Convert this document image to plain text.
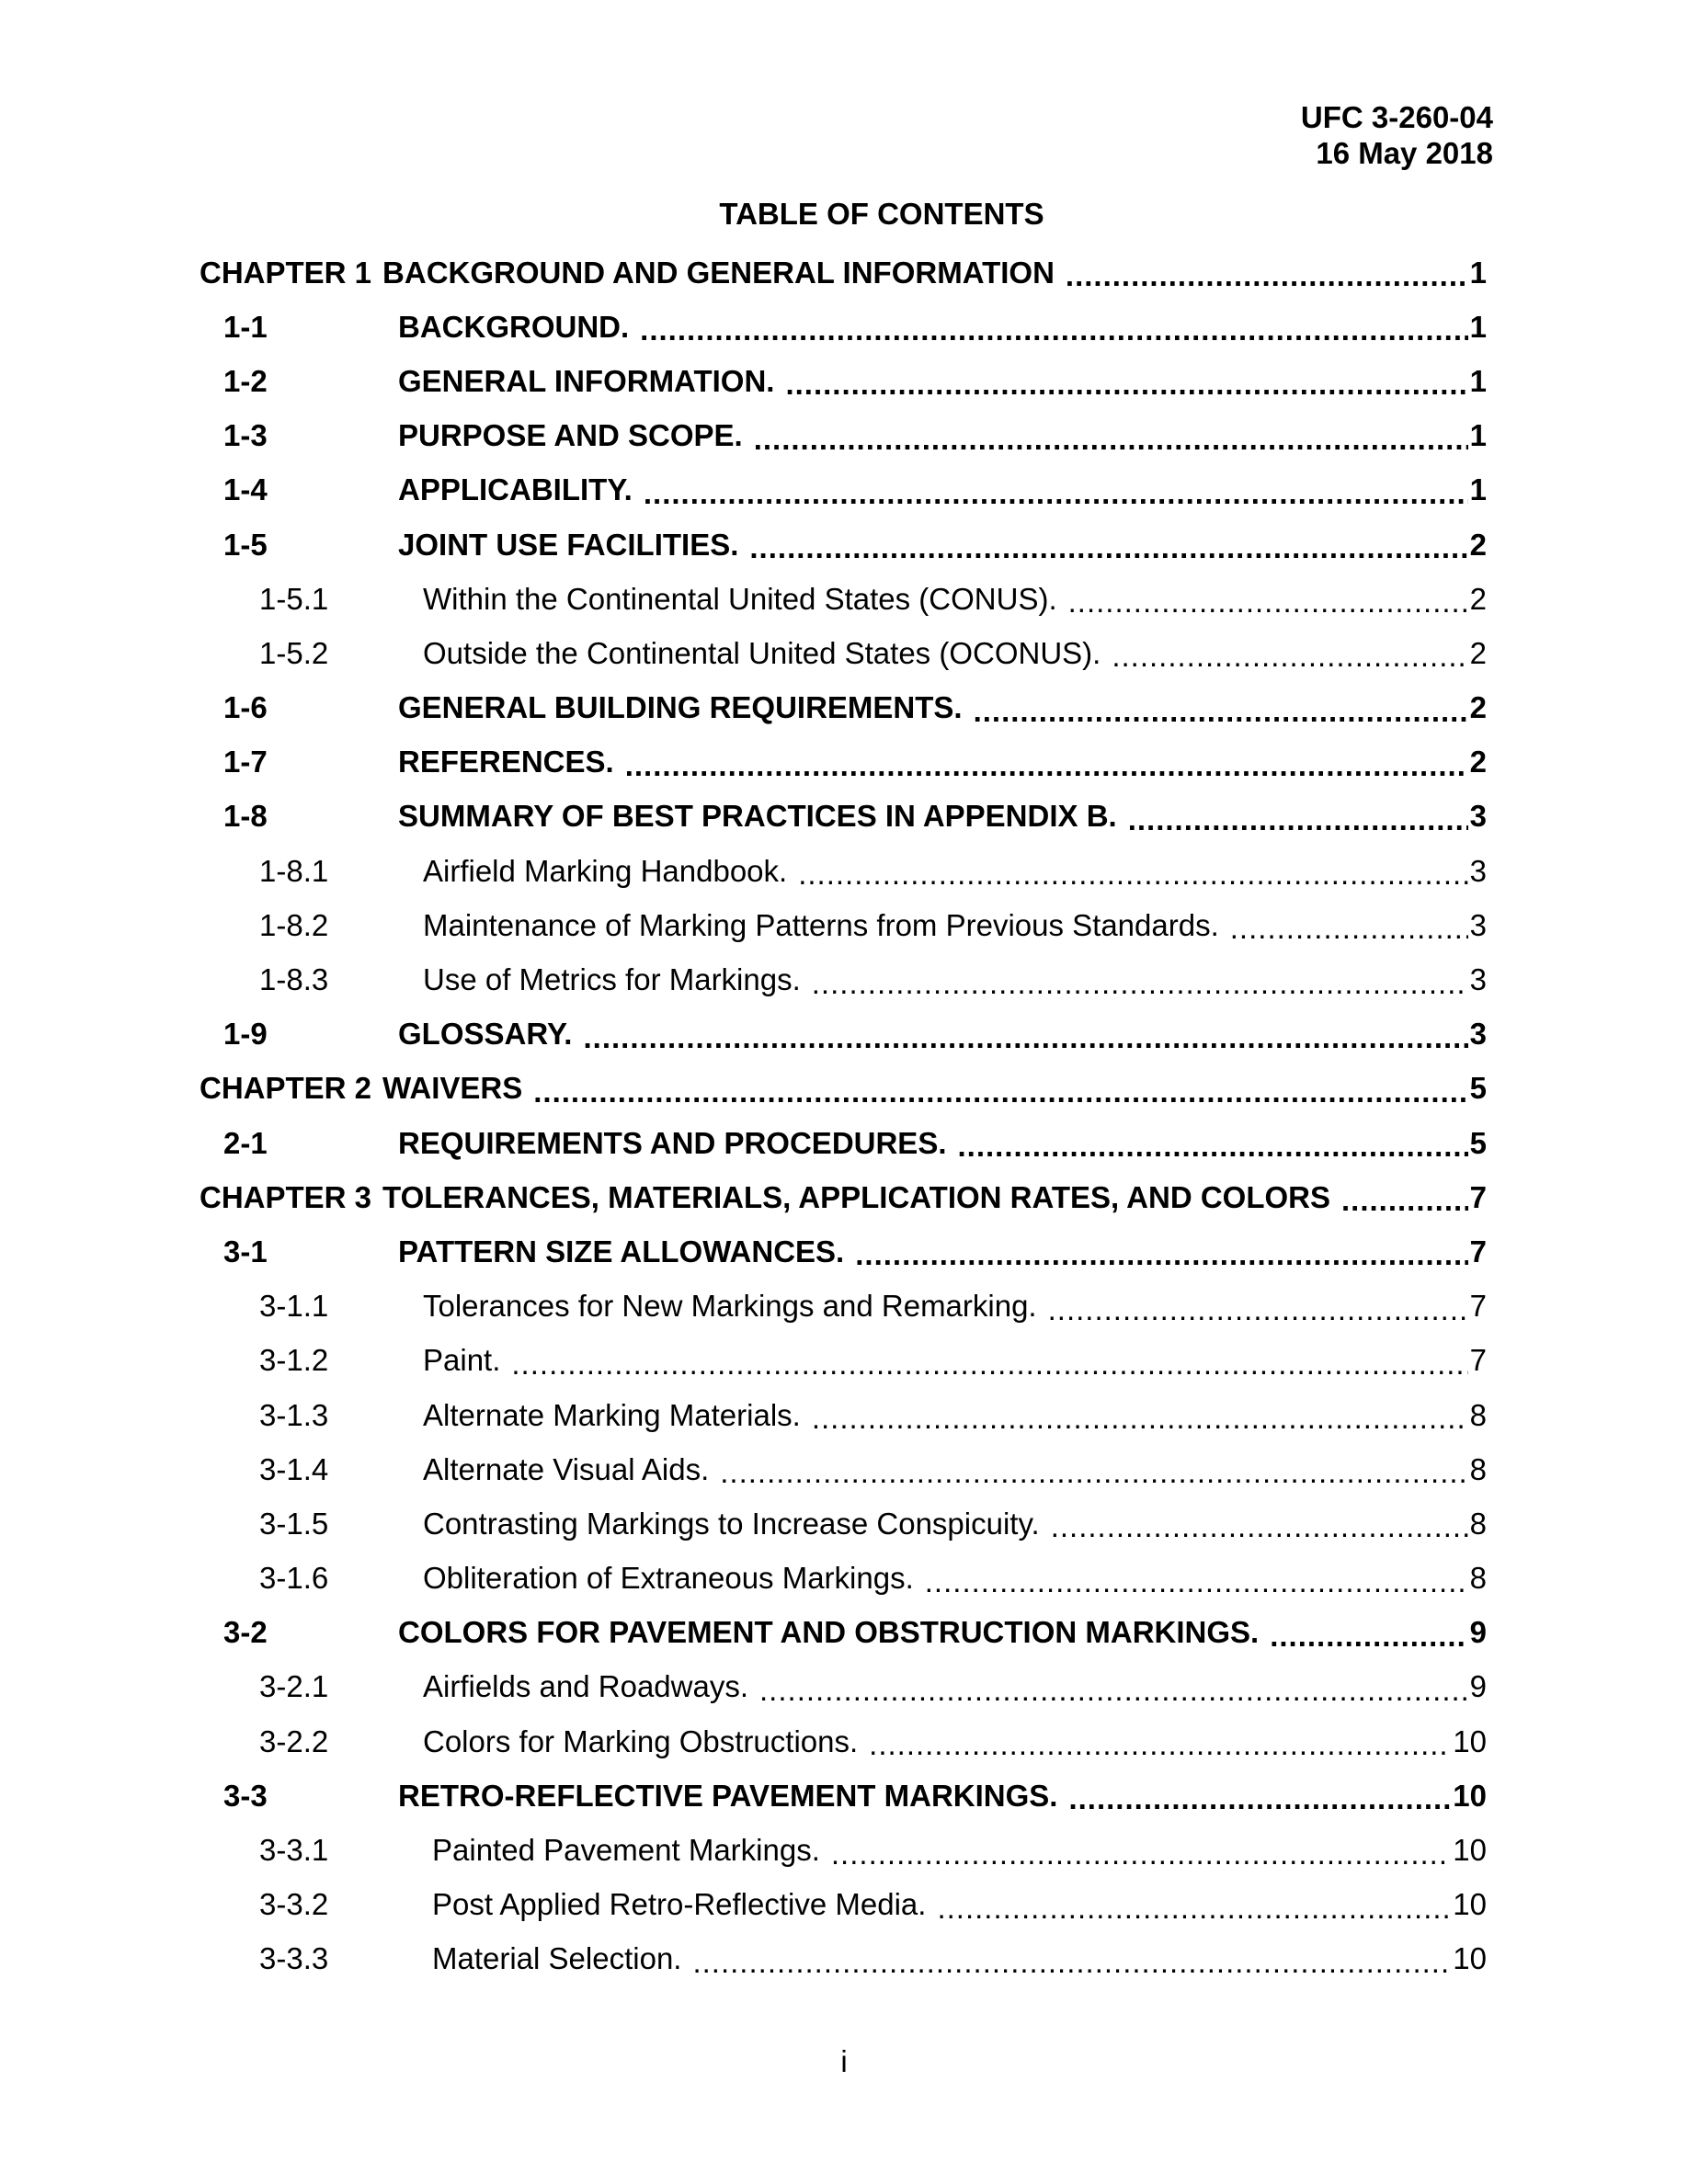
UFC 3-260-04
16 May 2018
TABLE OF CONTENTS
CHAPTER 1 BACKGROUND AND GENERAL INFORMATION .....	1
1-1	BACKGROUND. .....	1
1-2	GENERAL INFORMATION. .....	1
1-3	PURPOSE AND SCOPE. .....	1
1-4	APPLICABILITY. .....	1
1-5	JOINT USE FACILITIES. .....	2
1-5.1	Within the Continental United States (CONUS). .....	2
1-5.2	Outside the Continental United States (OCONUS). .....	2
1-6	GENERAL BUILDING REQUIREMENTS. .....	2
1-7	REFERENCES. .....	2
1-8	SUMMARY OF BEST PRACTICES IN APPENDIX B. .....	3
1-8.1	Airfield Marking Handbook. .....	3
1-8.2	Maintenance of Marking Patterns from Previous Standards. .....	3
1-8.3	Use of Metrics for Markings. .....	3
1-9	GLOSSARY. .....	3
CHAPTER 2 WAIVERS .....	5
2-1	REQUIREMENTS AND PROCEDURES. .....	5
CHAPTER 3 TOLERANCES, MATERIALS, APPLICATION RATES, AND COLORS .....	7
3-1	PATTERN SIZE ALLOWANCES. .....	7
3-1.1	Tolerances for New Markings and Remarking. .....	7
3-1.2	Paint. .....	7
3-1.3	Alternate Marking Materials. .....	8
3-1.4	Alternate Visual Aids. .....	8
3-1.5	Contrasting Markings to Increase Conspicuity. .....	8
3-1.6	Obliteration of Extraneous Markings. .....	8
3-2	COLORS FOR PAVEMENT AND OBSTRUCTION MARKINGS. .....	9
3-2.1	Airfields and Roadways. .....	9
3-2.2	Colors for Marking Obstructions. .....	10
3-3	RETRO-REFLECTIVE PAVEMENT MARKINGS. .....	10
3-3.1	Painted Pavement Markings. .....	10
3-3.2	Post Applied Retro-Reflective Media. .....	10
3-3.3	Material Selection. .....	10
i
